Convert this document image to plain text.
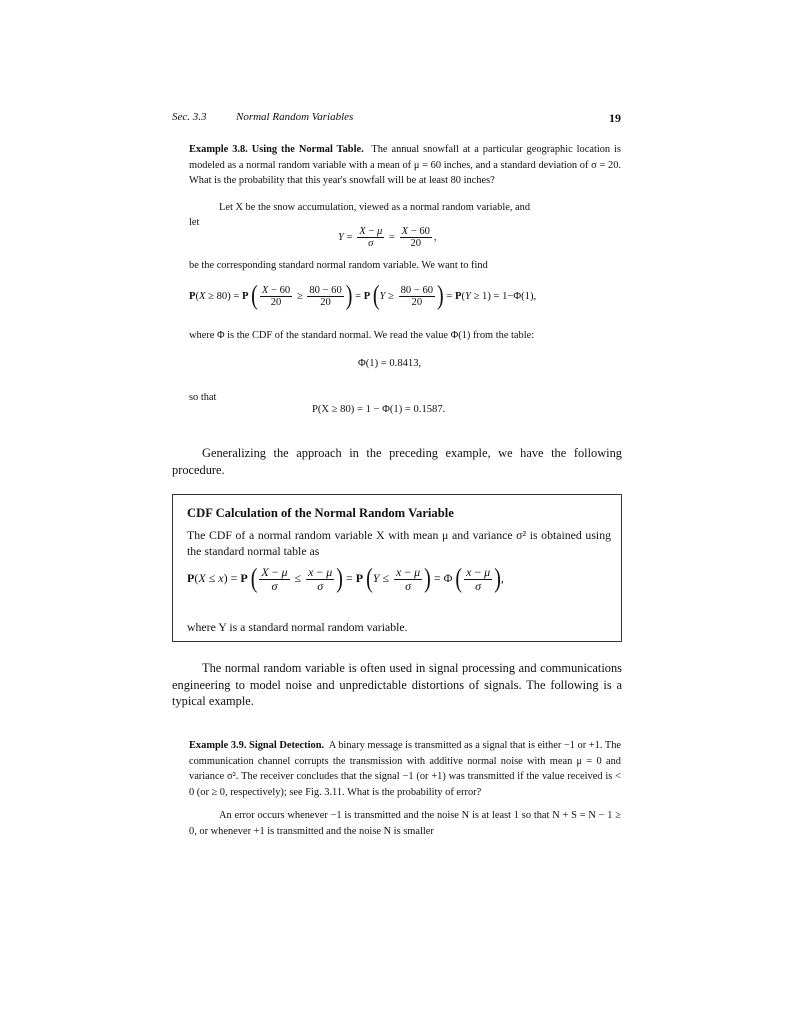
Sec. 3.3	Normal Random Variables	19
Example 3.8. Using the Normal Table. The annual snowfall at a particular geographic location is modeled as a normal random variable with a mean of μ = 60 inches, and a standard deviation of σ = 20. What is the probability that this year's snowfall will be at least 80 inches?
Let X be the snow accumulation, viewed as a normal random variable, and
let
$Y = \frac{X - \mu}{\sigma} = \frac{X - 60}{20}$ ,
be the corresponding standard normal random variable. We want to find
P(X ≥ 80) = P ( $\frac{X - 60}{20} \ge \frac{80 - 60}{20}$ ) = P ($Y \ge \frac{80 - 60}{20}$ ) = P(Y ≥ 1) = 1−Φ(1),
where Φ is the CDF of the standard normal. We read the value Φ(1) from the table:
Φ(1) = 0.8413,
so that
P(X ≥ 80) = 1 − Φ(1) = 0.1587.
Generalizing the approach in the preceding example, we have the following procedure.
CDF Calculation of the Normal Random Variable
The CDF of a normal random variable X with mean μ and variance σ² is obtained using the standard normal table as
P(X ≤ x) = P ( $\frac{X - \mu}{\sigma} \le \frac{x - \mu}{\sigma}$ ) = P ($Y \le \frac{x - \mu}{\sigma}$ ) = Φ ( $\frac{x - \mu}{\sigma}$ ),
where Y is a standard normal random variable.
The normal random variable is often used in signal processing and communications engineering to model noise and unpredictable distortions of signals. The following is a typical example.
Example 3.9. Signal Detection. A binary message is transmitted as a signal that is either −1 or +1. The communication channel corrupts the transmission with additive normal noise with mean μ = 0 and variance σ². The receiver concludes that the signal −1 (or +1) was transmitted if the value received is < 0 (or ≥ 0, respectively); see Fig. 3.11. What is the probability of error?
An error occurs whenever −1 is transmitted and the noise N is at least 1 so that N + S = N − 1 ≥ 0, or whenever +1 is transmitted and the noise N is smaller
